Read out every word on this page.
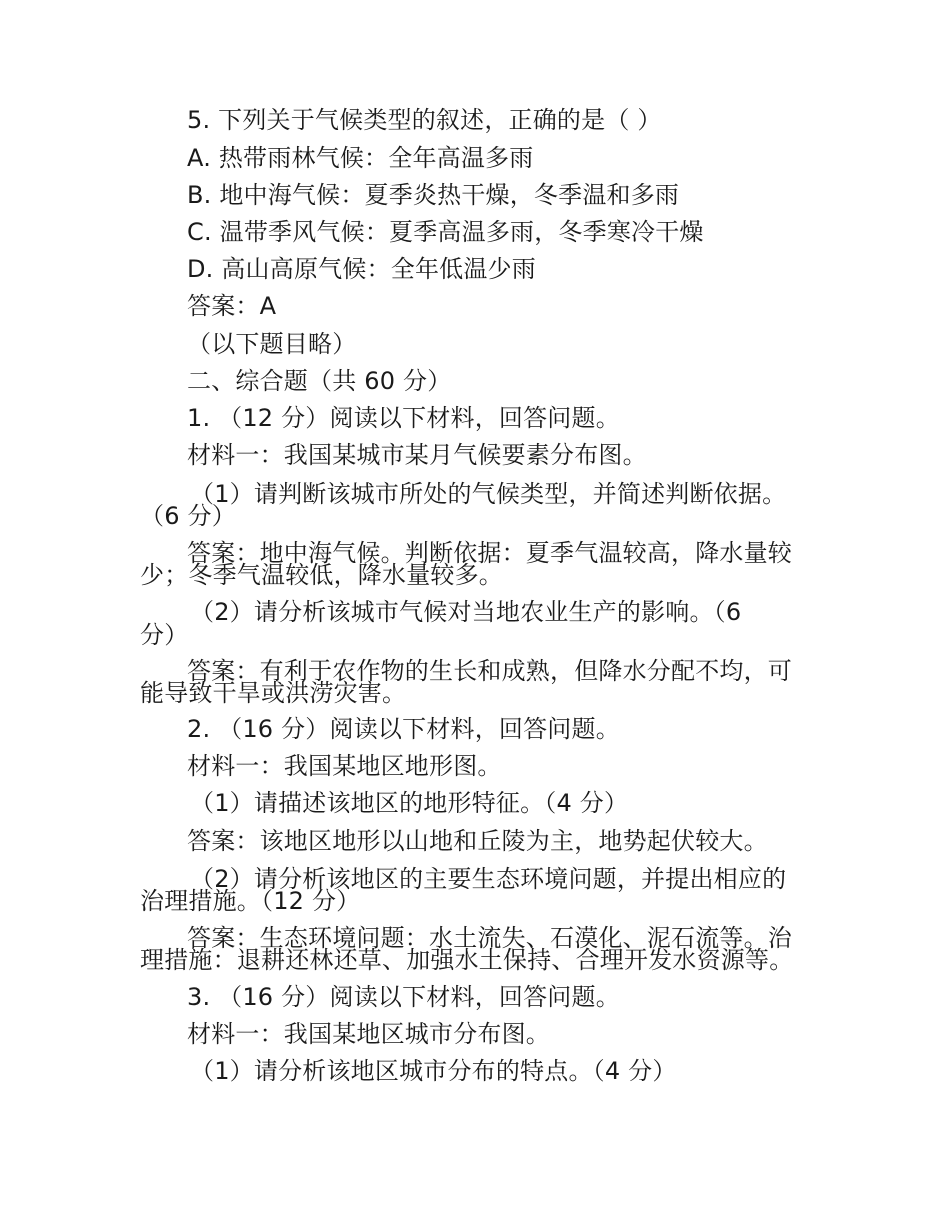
5. 下列关于气候类型的叙述，正确的是（ ）
A. 热带雨林气候：全年高温多雨
B. 地中海气候：夏季炎热干燥，冬季温和多雨
C. 温带季风气候：夏季高温多雨，冬季寒冷干燥
D. 高山高原气候：全年低温少雨
答案：A
（以下题目略）
二、综合题（共 60 分）
1. （12 分）阅读以下材料，回答问题。
材料一：我国某城市某月气候要素分布图。
（1）请判断该城市所处的气候类型，并简述判断依据。
（6 分）
答案：地中海气候。判断依据：夏季气温较高，降水量较
少；冬季气温较低，降水量较多。
（2）请分析该城市气候对当地农业生产的影响。（6
分）
答案：有利于农作物的生长和成熟，但降水分配不均，可
能导致干旱或洪涝灾害。
2. （16 分）阅读以下材料，回答问题。
材料一：我国某地区地形图。
（1）请描述该地区的地形特征。（4 分）
答案：该地区地形以山地和丘陵为主，地势起伏较大。
（2）请分析该地区的主要生态环境问题，并提出相应的
治理措施。（12 分）
答案：生态环境问题：水土流失、石漠化、泥石流等。治
理措施：退耕还林还草、加强水土保持、合理开发水资源等。
3. （16 分）阅读以下材料，回答问题。
材料一：我国某地区城市分布图。
（1）请分析该地区城市分布的特点。（4 分）
